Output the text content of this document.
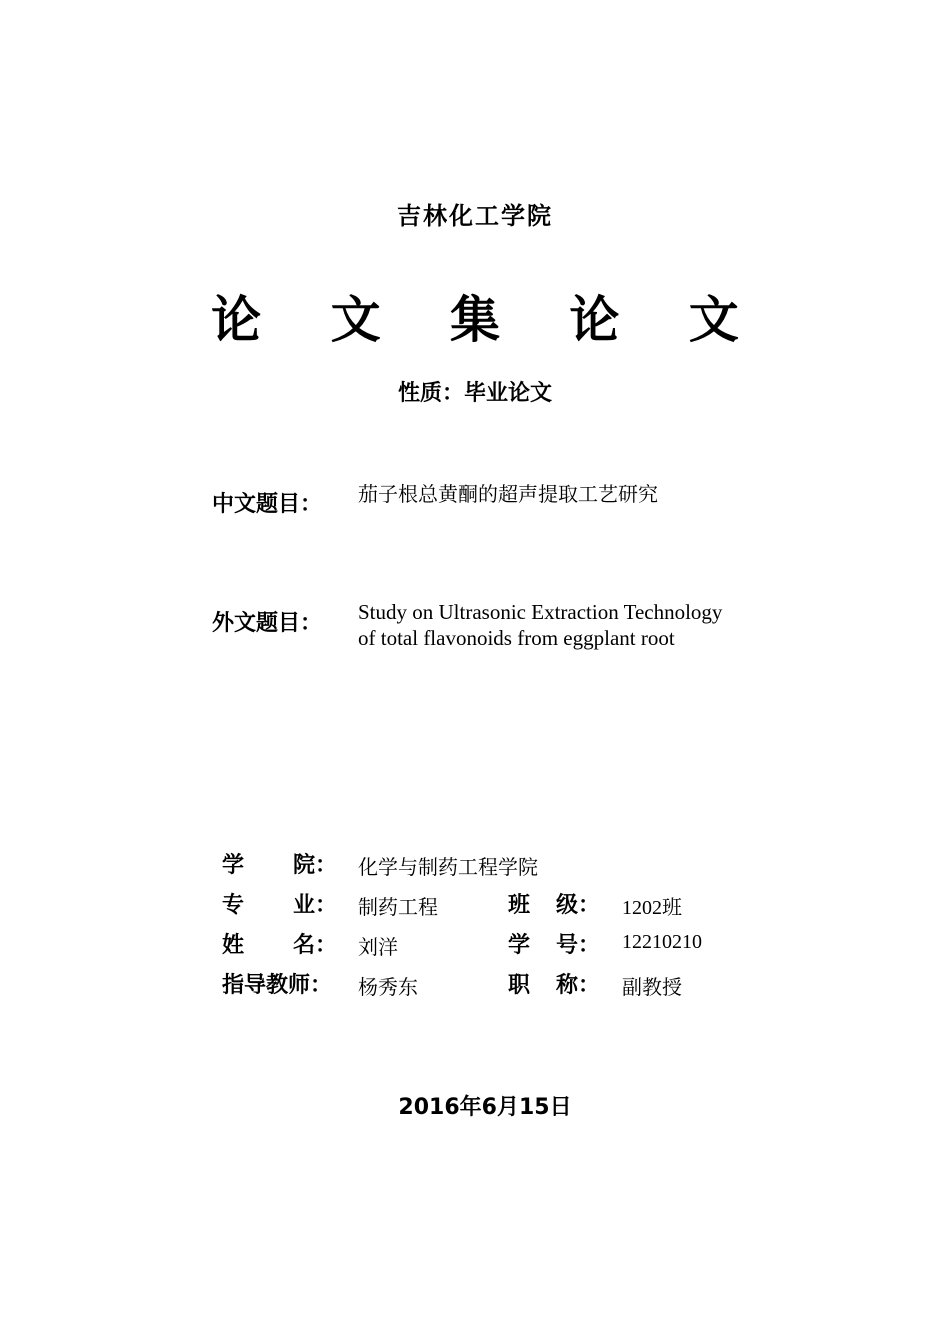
吉林化工学院
论 文 集 论 文
性质：毕业论文
中文题目： 茄子根总黄酮的超声提取工艺研究
外文题目： Study on Ultrasonic Extraction Technology
of total flavonoids from eggplant root
学 院： 化学与制药工程学院
专 业： 制药工程	班 级： 1202班
姓 名： 刘洋	学 号： 12210210
指导教师： 杨秀东	职 称： 副教授
2016年6月15日
